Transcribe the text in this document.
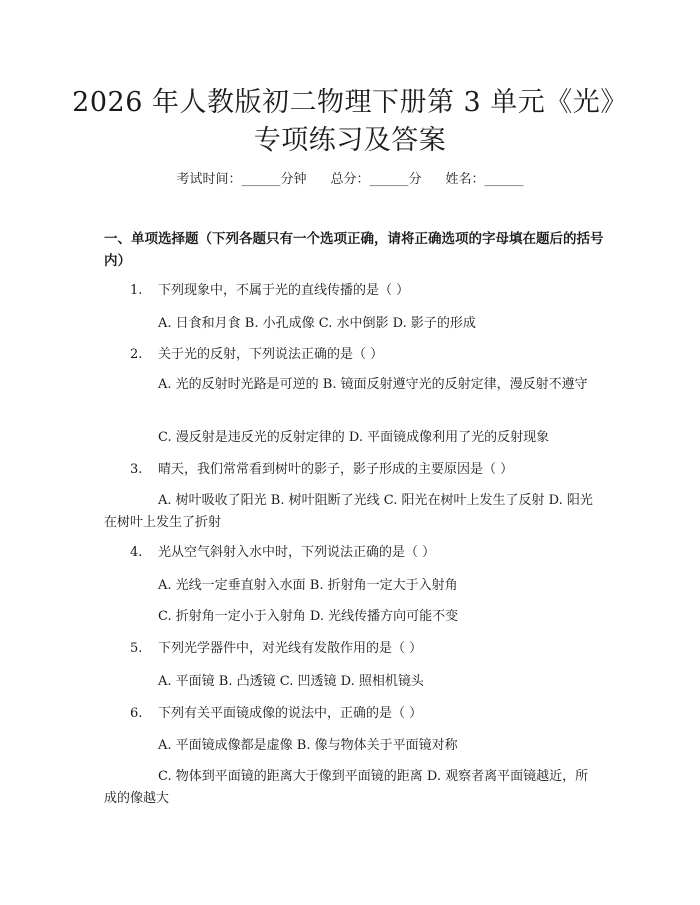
2026 年人教版初二物理下册第 3 单元《光》
专项练习及答案
考试时间：______分钟 总分：______分 姓名：______
一、单项选择题（下列各题只有一个选项正确，请将正确选项的字母填在题后的括号内）
1. 下列现象中，不属于光的直线传播的是（ ）
A. 日食和月食 B. 小孔成像 C. 水中倒影 D. 影子的形成
2. 关于光的反射，下列说法正确的是（ ）
A. 光的反射时光路是可逆的 B. 镜面反射遵守光的反射定律，漫反射不遵守
C. 漫反射是违反光的反射定律的 D. 平面镜成像利用了光的反射现象
3. 晴天，我们常常看到树叶的影子，影子形成的主要原因是（ ）
A. 树叶吸收了阳光 B. 树叶阻断了光线 C. 阳光在树叶上发生了反射 D. 阳光在树叶上发生了折射
4. 光从空气斜射入水中时，下列说法正确的是（ ）
A. 光线一定垂直射入水面 B. 折射角一定大于入射角
C. 折射角一定小于入射角 D. 光线传播方向可能不变
5. 下列光学器件中，对光线有发散作用的是（ ）
A. 平面镜 B. 凸透镜 C. 凹透镜 D. 照相机镜头
6. 下列有关平面镜成像的说法中，正确的是（ ）
A. 平面镜成像都是虚像 B. 像与物体关于平面镜对称
C. 物体到平面镜的距离大于像到平面镜的距离 D. 观察者离平面镜越近，所成的像越大
